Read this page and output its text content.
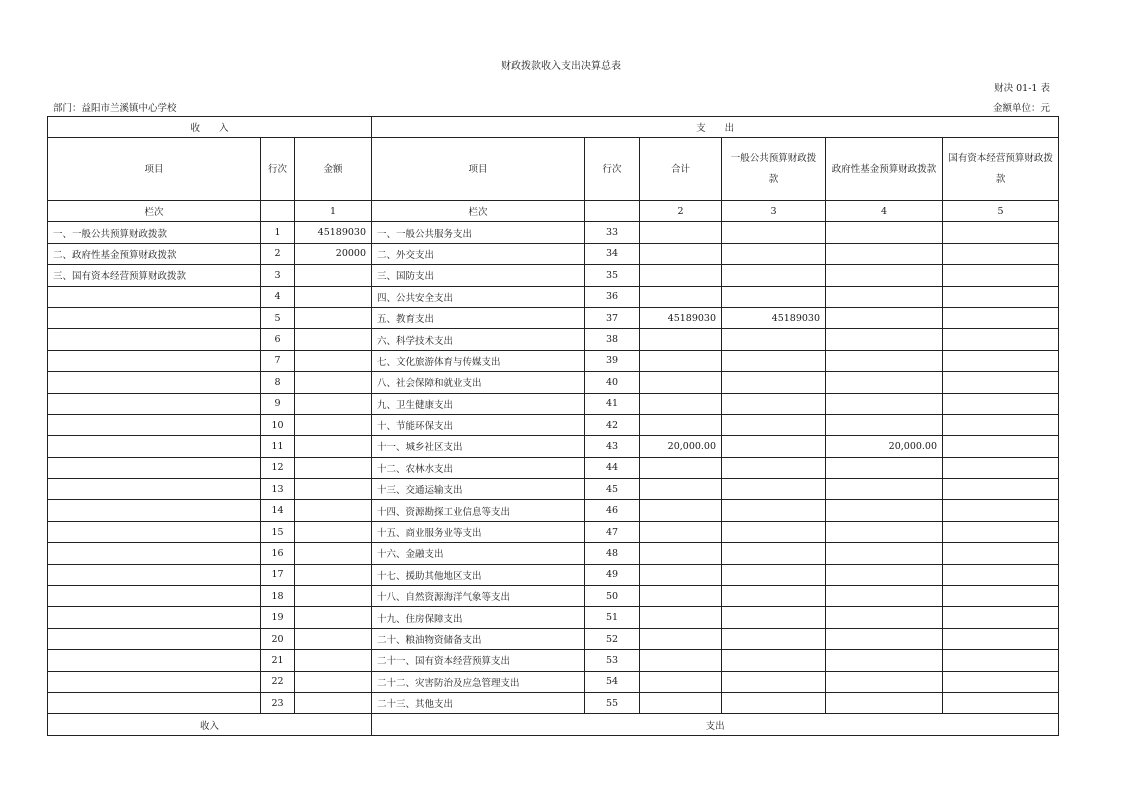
财政拨款收入支出决算总表
财决 01-1 表
部门：益阳市兰溪镇中心学校	金额单位：元
收　　入			支　　出					
项目	行次	金额	项目	行次	合计	一般公共预算财政拨款	政府性基金预算财政拨款	国有资本经营预算财政拨款
栏次		1	栏次		2	3	4	5
一、一般公共预算财政拨款	1	45189030	一、一般公共服务支出	33				
二、政府性基金预算财政拨款	2	20000	二、外交支出	34				
三、国有资本经营预算财政拨款	3		三、国防支出	35				
	4		四、公共安全支出	36				
	5		五、教育支出	37	45189030	45189030		
	6		六、科学技术支出	38				
	7		七、文化旅游体育与传媒支出	39				
	8		八、社会保障和就业支出	40				
	9		九、卫生健康支出	41				
	10		十、节能环保支出	42				
	11		十一、城乡社区支出	43	20,000.00		20,000.00	
	12		十二、农林水支出	44				
	13		十三、交通运输支出	45				
	14		十四、资源勘探工业信息等支出	46				
	15		十五、商业服务业等支出	47				
	16		十六、金融支出	48				
	17		十七、援助其他地区支出	49				
	18		十八、自然资源海洋气象等支出	50				
	19		十九、住房保障支出	51				
	20		二十、粮油物资储备支出	52				
	21		二十一、国有资本经营预算支出	53				
	22		二十二、灾害防治及应急管理支出	54				
	23		二十三、其他支出	55				
收入			支出					
